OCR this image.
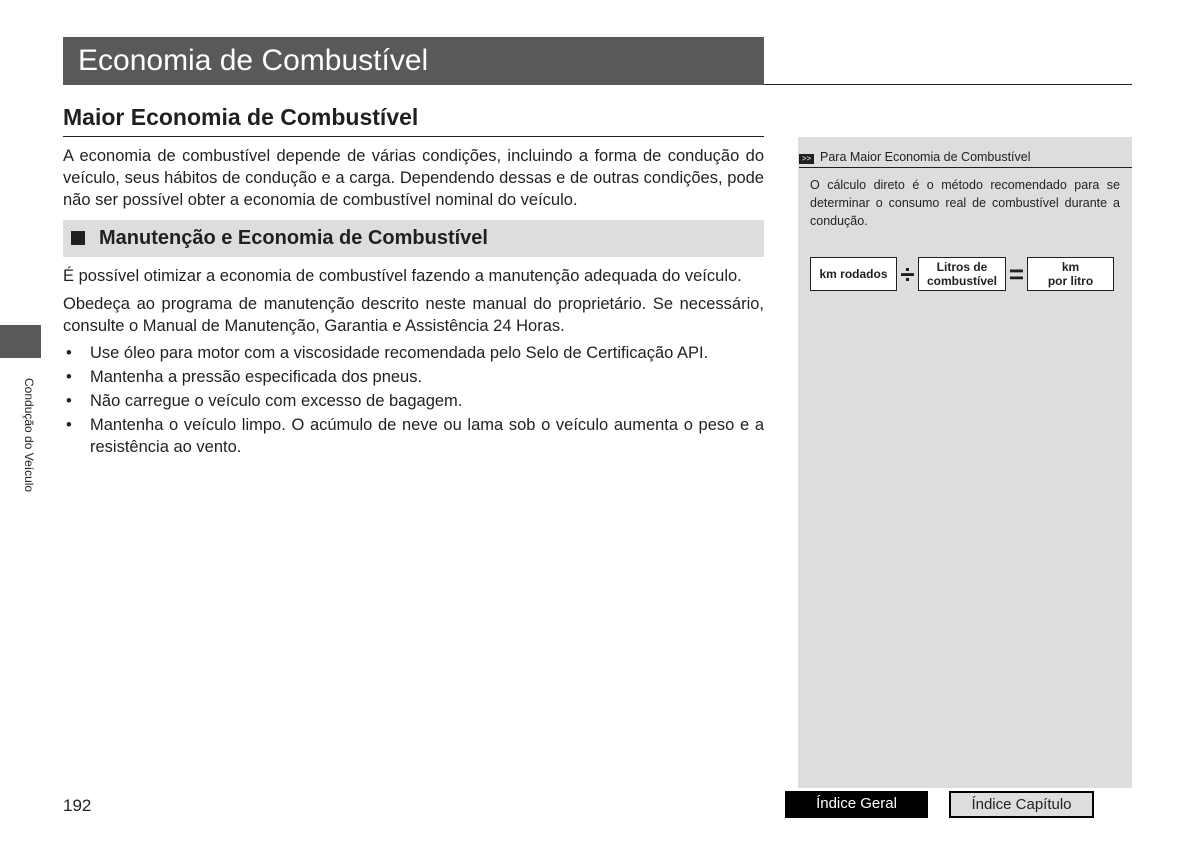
Economia de Combustível
Maior Economia de Combustível
A economia de combustível depende de várias condições, incluindo a forma de condução do veículo, seus hábitos de condução e a carga. Dependendo dessas e de outras condições, pode não ser possível obter a economia de combustível nominal do veículo.
Manutenção e Economia de Combustível
É possível otimizar a economia de combustível fazendo a manutenção adequada do veículo.
Obedeça ao programa de manutenção descrito neste manual do proprietário. Se necessário, consulte o Manual de Manutenção, Garantia e Assistência 24 Horas.
• Use óleo para motor com a viscosidade recomendada pelo Selo de Certificação API.
• Mantenha a pressão especificada dos pneus.
• Não carregue o veículo com excesso de bagagem.
• Mantenha o veículo limpo. O acúmulo de neve ou lama sob o veículo aumenta o peso e a resistência ao vento.
Condução do Veículo
>> Para Maior Economia de Combustível
O cálculo direto é o método recomendado para se determinar o consumo real de combustível durante a condução.
km rodados ÷ Litros de
combustível =	km
por litro
192	Índice Geral	Índice Capítulo
